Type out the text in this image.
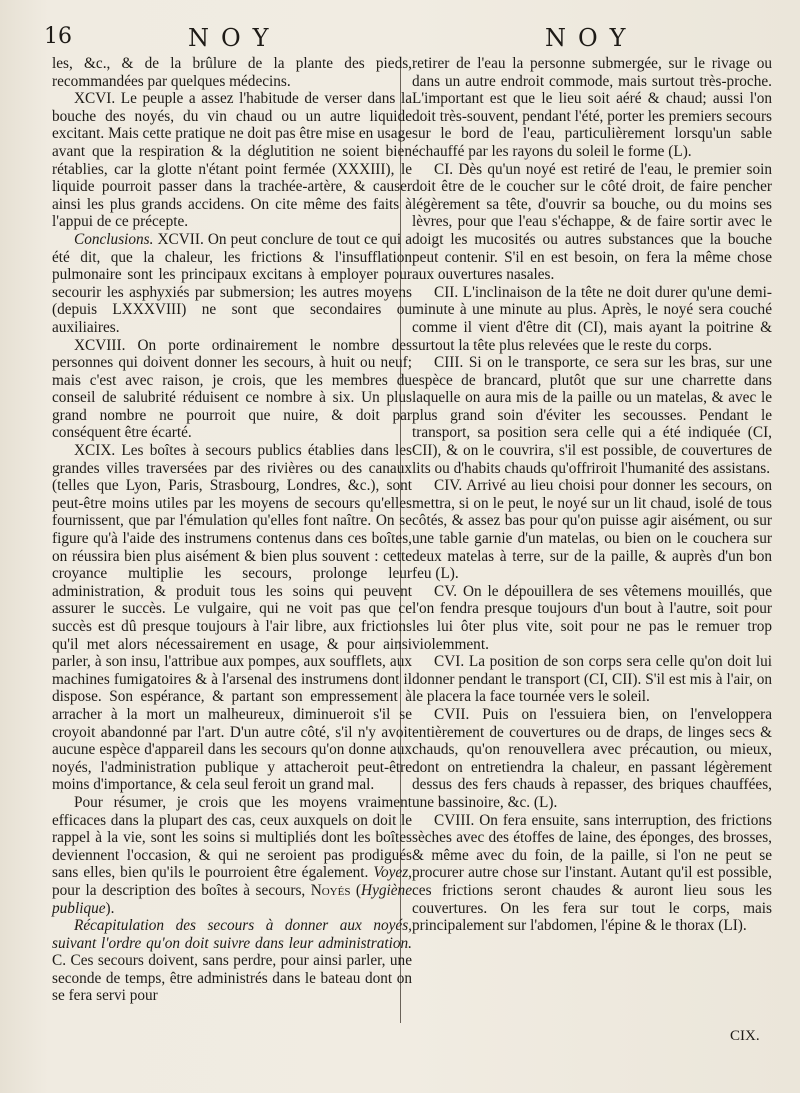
16	NOY	NOY

les, &c., & de la brûlure de la plante des pieds, recommandées par quelques médecins.

XCVI. Le peuple a assez l'habitude de verser dans la bouche des noyés, du vin chaud ou un autre liquide excitant. Mais cette pratique ne doit pas être mise en usage avant que la respiration & la déglutition ne soient bien rétablies, car la glotte n'étant point fermée (XXXIII), le liquide pourroit passer dans la trachée-artère, & causer ainsi les plus grands accidens. On cite même des faits à l'appui de ce précepte.

Conclusions. XCVII. On peut conclure de tout ce qui a été dit, que la chaleur, les frictions & l'insufflation pulmonaire sont les principaux excitans à employer pour secourir les asphyxiés par submersion; les autres moyens (depuis LXXXVIII) ne sont que secondaires ou auxiliaires.

XCVIII. On porte ordinairement le nombre des personnes qui doivent donner les secours, à huit ou neuf; mais c'est avec raison, je crois, que les membres du conseil de salubrité réduisent ce nombre à six. Un plus grand nombre ne pourroit que nuire, & doit par conséquent être écarté.

XCIX. Les boîtes à secours publics établies dans les grandes villes traversées par des rivières ou des canaux (telles que Lyon, Paris, Strasbourg, Londres, &c.), sont peut-être moins utiles par les moyens de secours qu'elles fournissent, que par l'émulation qu'elles font naître. On se figure qu'à l'aide des instrumens contenus dans ces boîtes, on réussira bien plus aisément & bien plus souvent : cette croyance multiplie les secours, prolonge leur administration, & produit tous les soins qui peuvent assurer le succès. Le vulgaire, qui ne voit pas que ce succès est dû presque toujours à l'air libre, aux frictions qu'il met alors nécessairement en usage, & pour ainsi parler, à son insu, l'attribue aux pompes, aux soufflets, aux machines fumigatoires & à l'arsenal des instrumens dont il dispose. Son espérance, & partant son empressement à arracher à la mort un malheureux, diminueroit s'il se croyoit abandonné par l'art. D'un autre côté, s'il n'y avoit aucune espèce d'appareil dans les secours qu'on donne aux noyés, l'administration publique y attacheroit peut-être moins d'importance, & cela seul feroit un grand mal.

Pour résumer, je crois que les moyens vraiment efficaces dans la plupart des cas, ceux auxquels on doit le rappel à la vie, sont les soins si multipliés dont les boîtes deviennent l'occasion, & qui ne seroient pas prodigués sans elles, bien qu'ils le pourroient être également. Voyez, pour la description des boîtes à secours, Noyés (Hygiène publique).

Récapitulation des secours à donner aux noyés, suivant l'ordre qu'on doit suivre dans leur administration. C. Ces secours doivent, sans perdre, pour ainsi parler, une seconde de temps, être administrés dans le bateau dont on se fera servi pour

retirer de l'eau la personne submergée, sur le rivage ou dans un autre endroit commode, mais surtout très-proche. L'important est que le lieu soit aéré & chaud; aussi l'on doit très-souvent, pendant l'été, porter les premiers secours sur le bord de l'eau, particulièrement lorsqu'un sable échauffé par les rayons du soleil le forme (L).

CI. Dès qu'un noyé est retiré de l'eau, le premier soin doit être de le coucher sur le côté droit, de faire pencher légèrement sa tête, d'ouvrir sa bouche, ou du moins ses lèvres, pour que l'eau s'échappe, & de faire sortir avec le doigt les mucosités ou autres substances que la bouche peut contenir. S'il en est besoin, on fera la même chose aux ouvertures nasales.

CII. L'inclinaison de la tête ne doit durer qu'une demi-minute à une minute au plus. Après, le noyé sera couché comme il vient d'être dit (CI), mais ayant la poitrine & surtout la tête plus relevées que le reste du corps.

CIII. Si on le transporte, ce sera sur les bras, sur une espèce de brancard, plutôt que sur une charrette dans laquelle on aura mis de la paille ou un matelas, & avec le plus grand soin d'éviter les secousses. Pendant le transport, sa position sera celle qui a été indiquée (CI, CII), & on le couvrira, s'il est possible, de couvertures de lits ou d'habits chauds qu'offriroit l'humanité des assistans.

CIV. Arrivé au lieu choisi pour donner les secours, on mettra, si on le peut, le noyé sur un lit chaud, isolé de tous côtés, & assez bas pour qu'on puisse agir aisément, ou sur une table garnie d'un matelas, ou bien on le couchera sur deux matelas à terre, sur de la paille, & auprès d'un bon feu (L).

CV. On le dépouillera de ses vêtemens mouillés, que l'on fendra presque toujours d'un bout à l'autre, soit pour les lui ôter plus vite, soit pour ne pas le remuer trop violemment.

CVI. La position de son corps sera celle qu'on doit lui donner pendant le transport (CI, CII). S'il est mis à l'air, on le placera la face tournée vers le soleil.

CVII. Puis on l'essuiera bien, on l'enveloppera entièrement de couvertures ou de draps, de linges secs & chauds, qu'on renouvellera avec précaution, ou mieux, dont on entretiendra la chaleur, en passant légèrement dessus des fers chauds à repasser, des briques chauffées, une bassinoire, &c. (L).

CVIII. On fera ensuite, sans interruption, des frictions sèches avec des étoffes de laine, des éponges, des brosses, & même avec du foin, de la paille, si l'on ne peut se procurer autre chose sur l'instant. Autant qu'il est possible, ces frictions seront chaudes & auront lieu sous les couvertures. On les fera sur tout le corps, mais principalement sur l'abdomen, l'épine & le thorax (LI).

CIX.
